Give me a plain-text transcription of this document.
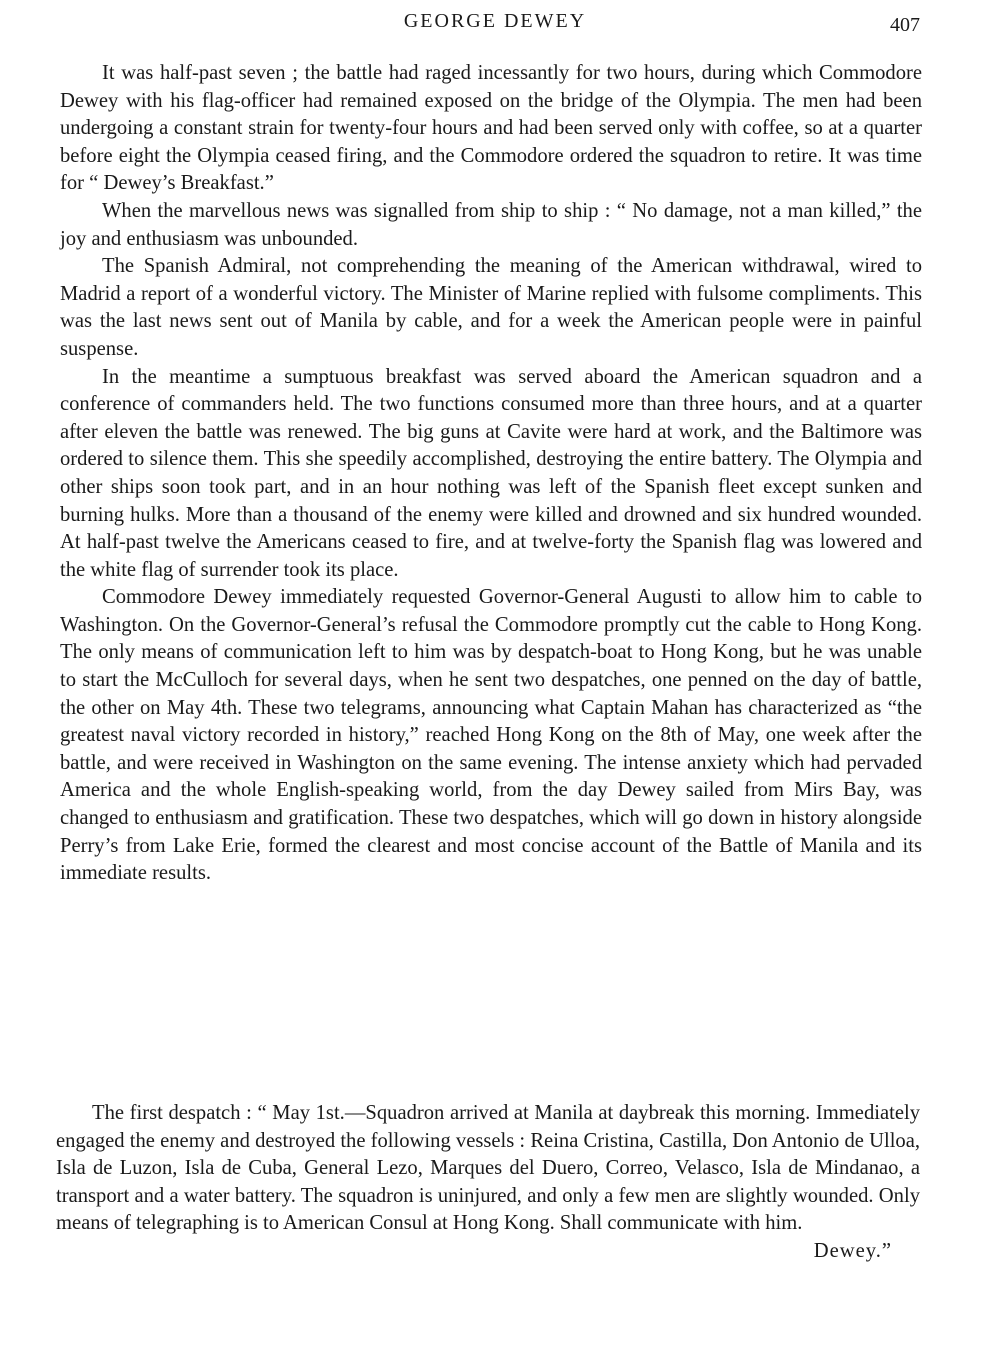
GEORGE DEWEY	407

It was half-past seven ; the battle had raged incessantly for two hours, during which Commodore Dewey with his flag-officer had remained exposed on the bridge of the Olympia. The men had been undergoing a constant strain for twenty-four hours and had been served only with coffee, so at a quarter before eight the Olympia ceased firing, and the Commodore ordered the squadron to retire. It was time for “ Dewey’s Breakfast.”

When the marvellous news was signalled from ship to ship : “ No damage, not a man killed,” the joy and enthusiasm was unbounded.

The Spanish Admiral, not comprehending the meaning of the American withdrawal, wired to Madrid a report of a wonderful victory. The Minister of Marine replied with fulsome compliments. This was the last news sent out of Manila by cable, and for a week the American people were in painful suspense.

In the meantime a sumptuous breakfast was served aboard the American squadron and a conference of commanders held. The two functions consumed more than three hours, and at a quarter after eleven the battle was renewed. The big guns at Cavite were hard at work, and the Baltimore was ordered to silence them. This she speedily accomplished, destroying the entire battery. The Olympia and other ships soon took part, and in an hour nothing was left of the Spanish fleet except sunken and burning hulks. More than a thousand of the enemy were killed and drowned and six hundred wounded. At half-past twelve the Americans ceased to fire, and at twelve-forty the Spanish flag was lowered and the white flag of surrender took its place.

Commodore Dewey immediately requested Governor-General Augusti to allow him to cable to Washington. On the Governor-General’s refusal the Commodore promptly cut the cable to Hong Kong. The only means of communication left to him was by despatch-boat to Hong Kong, but he was unable to start the McCulloch for several days, when he sent two despatches, one penned on the day of battle, the other on May 4th. These two telegrams, announcing what Captain Mahan has characterized as “the greatest naval victory recorded in history,” reached Hong Kong on the 8th of May, one week after the battle, and were received in Washington on the same evening. The intense anxiety which had pervaded America and the whole English-speaking world, from the day Dewey sailed from Mirs Bay, was changed to enthusiasm and gratification. These two despatches, which will go down in history alongside Perry’s from Lake Erie, formed the clearest and most concise account of the Battle of Manila and its immediate results.

The first despatch : “ May 1st.—Squadron arrived at Manila at daybreak this morning. Immediately engaged the enemy and destroyed the following vessels : Reina Cristina, Castilla, Don Antonio de Ulloa, Isla de Luzon, Isla de Cuba, General Lezo, Marques del Duero, Correo, Velasco, Isla de Mindanao, a transport and a water battery. The squadron is uninjured, and only a few men are slightly wounded. Only means of telegraphing is to American Consul at Hong Kong. Shall communicate with him.
Dewey.”
